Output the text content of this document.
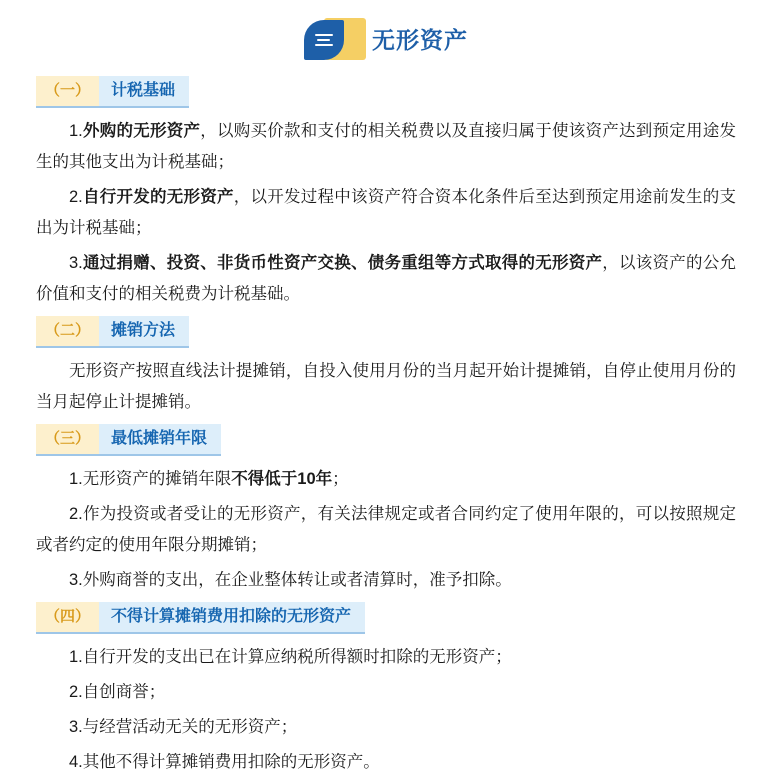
无形资产
（一）	计税基础

1.外购的无形资产，以购买价款和支付的相关税费以及直接归属于使该资产达到预定用途发生的其他支出为计税基础；

2.自行开发的无形资产，以开发过程中该资产符合资本化条件后至达到预定用途前发生的支出为计税基础；

3.通过捐赠、投资、非货币性资产交换、债务重组等方式取得的无形资产，以该资产的公允价值和支付的相关税费为计税基础。

（二）	摊销方法

无形资产按照直线法计提摊销，自投入使用月份的当月起开始计提摊销，自停止使用月份的当月起停止计提摊销。

（三）	最低摊销年限

1.无形资产的摊销年限不得低于10年；

2.作为投资或者受让的无形资产，有关法律规定或者合同约定了使用年限的，可以按照规定或者约定的使用年限分期摊销；

3.外购商誉的支出，在企业整体转让或者清算时，准予扣除。

（四）	不得计算摊销费用扣除的无形资产

1.自行开发的支出已在计算应纳税所得额时扣除的无形资产；

2.自创商誉；

3.与经营活动无关的无形资产；

4.其他不得计算摊销费用扣除的无形资产。
